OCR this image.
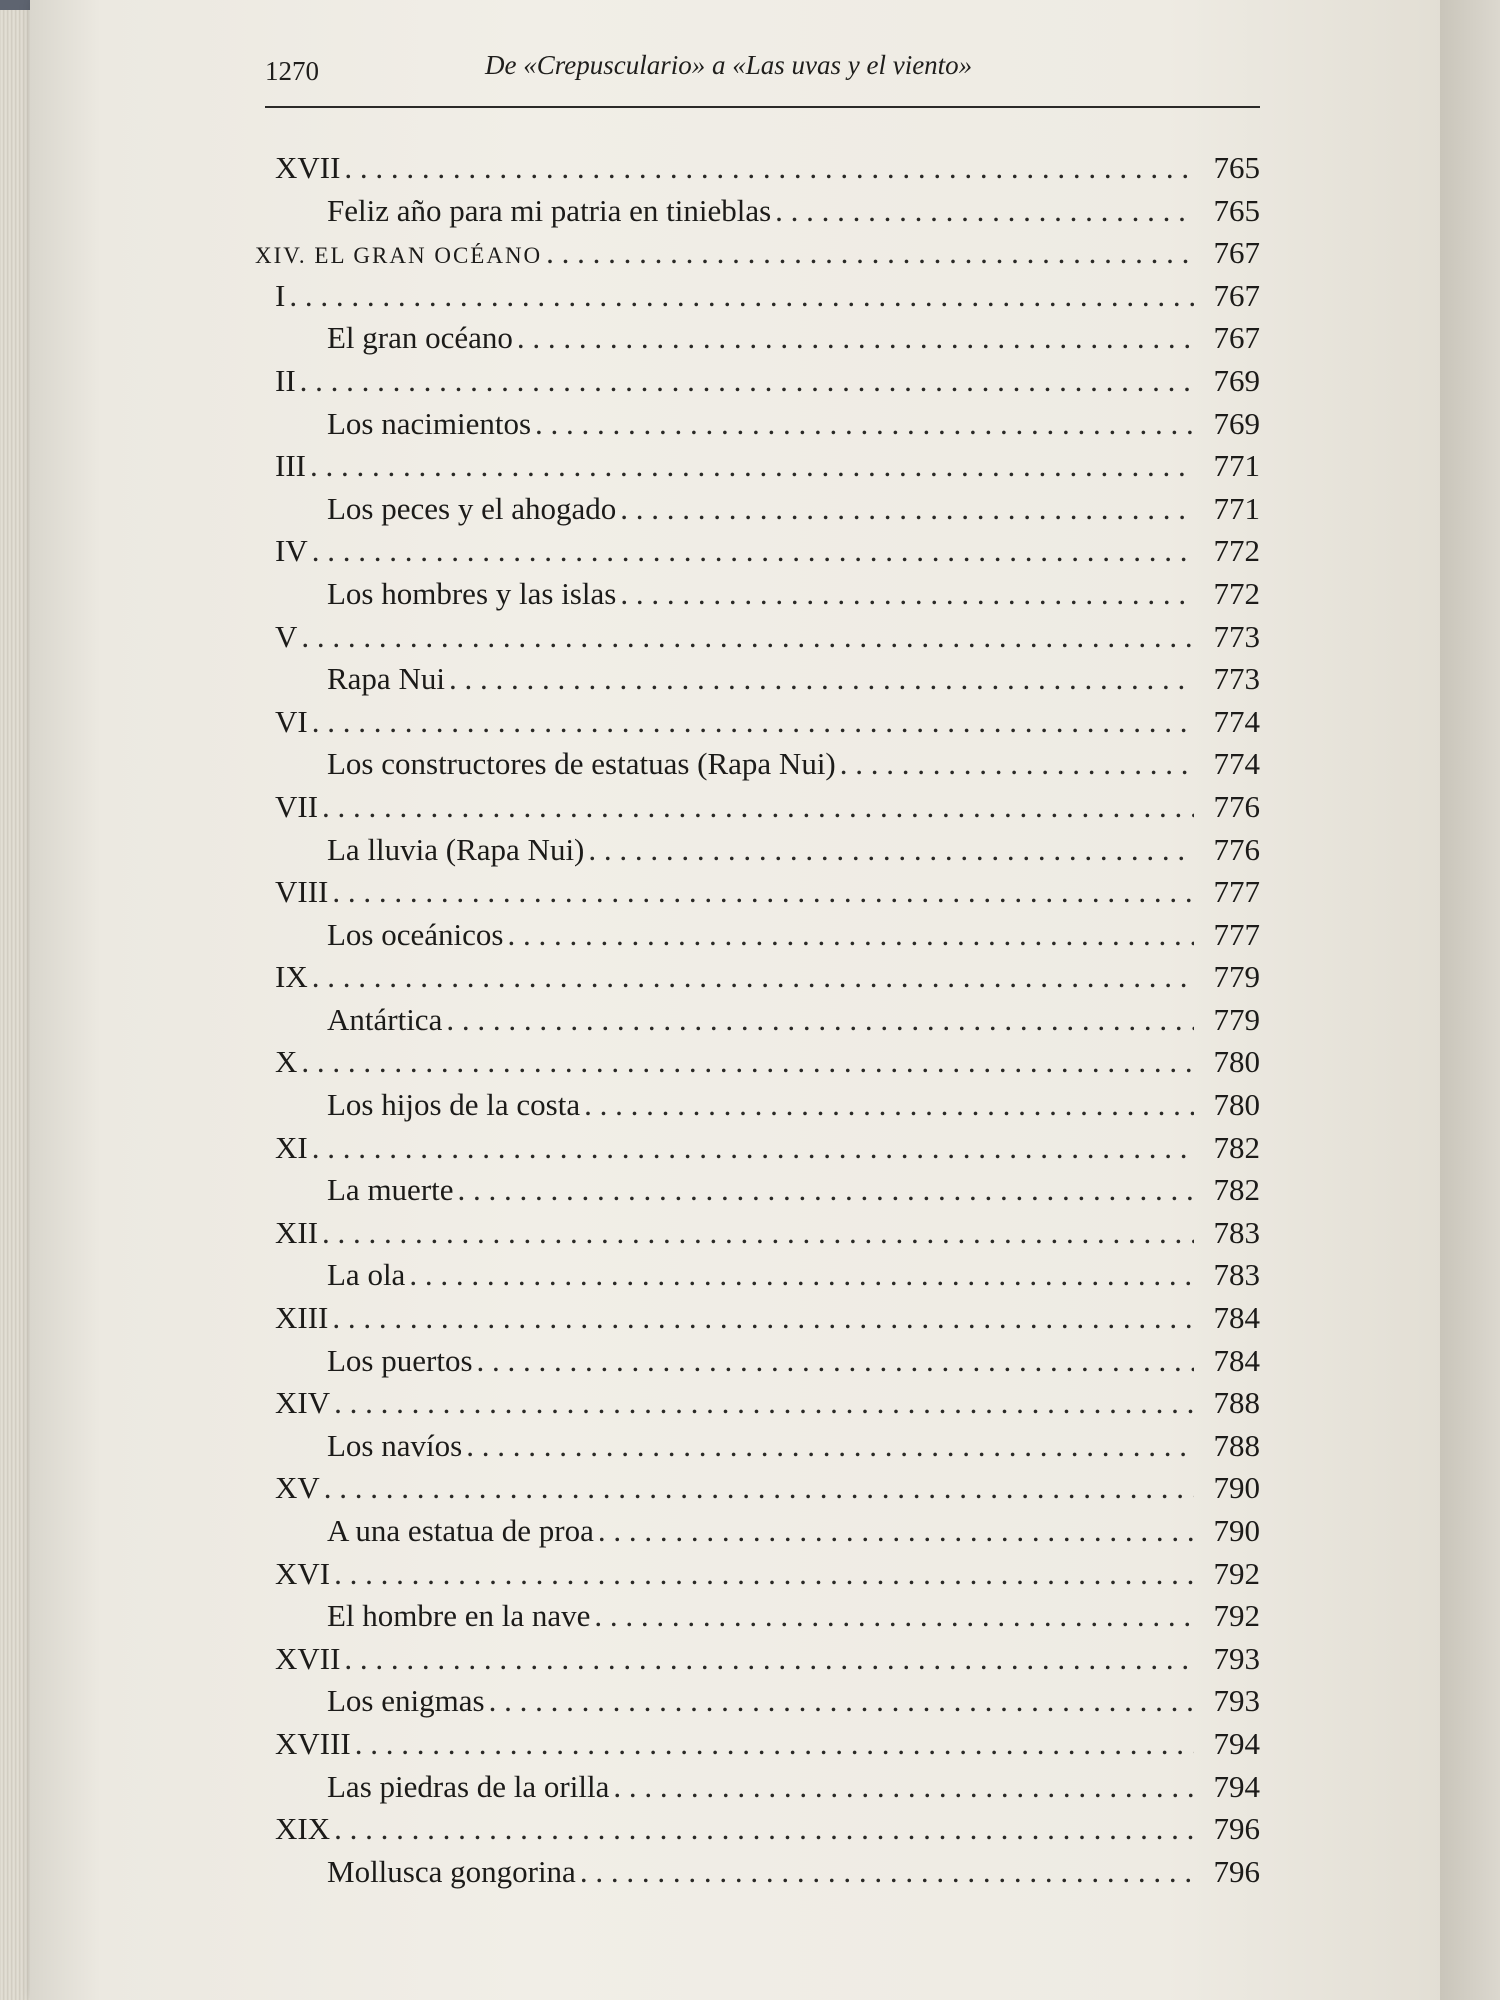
1270	De «Crepusculario» a «Las uvas y el viento»
XVII . . .	765
Feliz año para mi patria en tinieblas . . .	765
XIV. EL GRAN OCÉANO . . .	767
I . . .	767
El gran océano . . .	767
II . . .	769
Los nacimientos . . .	769
III . . .	771
Los peces y el ahogado . . .	771
IV . . .	772
Los hombres y las islas . . .	772
V . . .	773
Rapa Nui . . .	773
VI . . .	774
Los constructores de estatuas (Rapa Nui) . . .	774
VII . . .	776
La lluvia (Rapa Nui) . . .	776
VIII . . .	777
Los oceánicos . . .	777
IX . . .	779
Antártica . . .	779
X . . .	780
Los hijos de la costa . . .	780
XI . . .	782
La muerte . . .	782
XII . . .	783
La ola . . .	783
XIII . . .	784
Los puertos . . .	784
XIV . . .	788
Los navíos . . .	788
XV . . .	790
A una estatua de proa . . .	790
XVI . . .	792
El hombre en la nave . . .	792
XVII . . .	793
Los enigmas . . .	793
XVIII . . .	794
Las piedras de la orilla . . .	794
XIX . . .	796
Mollusca gongorina . . .	796
